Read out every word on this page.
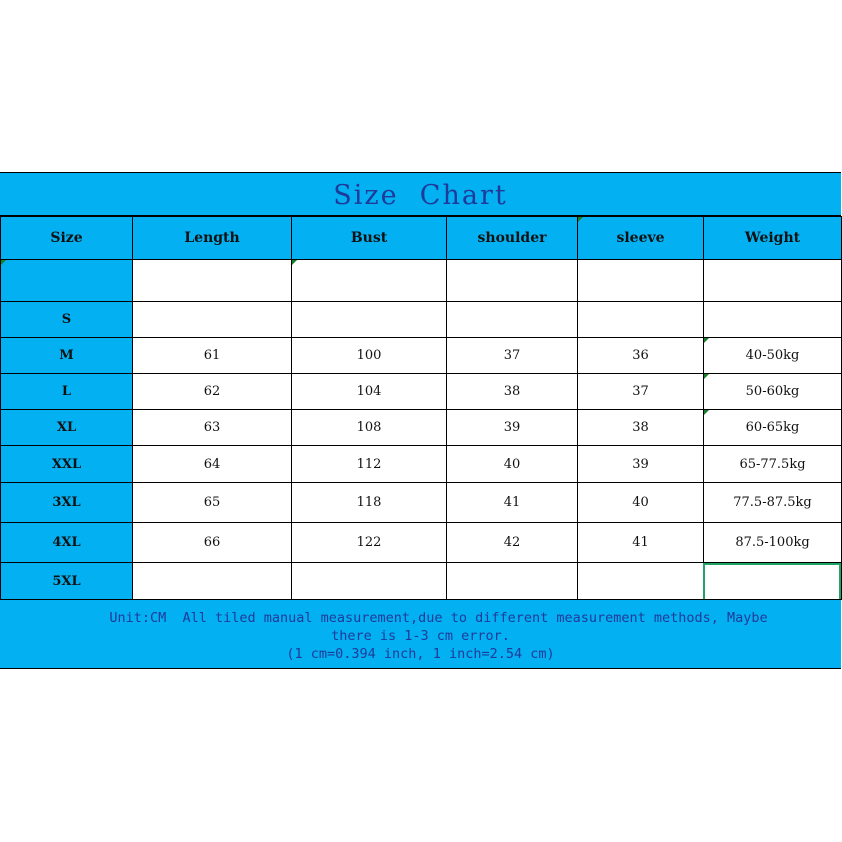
Size  Chart
Size	Length	Bust	shoulder	sleeve	Weight

S					
M	61	100	37	36	40-50kg

L	62	104	38	37	50-60kg

XL	63	108	39	38	60-65kg

XXL	64	112	40	39	65-77.5kg
3XL	65	118	41	40	77.5-87.5kg
4XL	66	122	42	41	87.5-100kg
5XL					
Unit:CM  All tiled manual measurement,due to different measurement methods, Maybe
there is 1-3 cm error.
(1 cm=0.394 inch, 1 inch=2.54 cm)
